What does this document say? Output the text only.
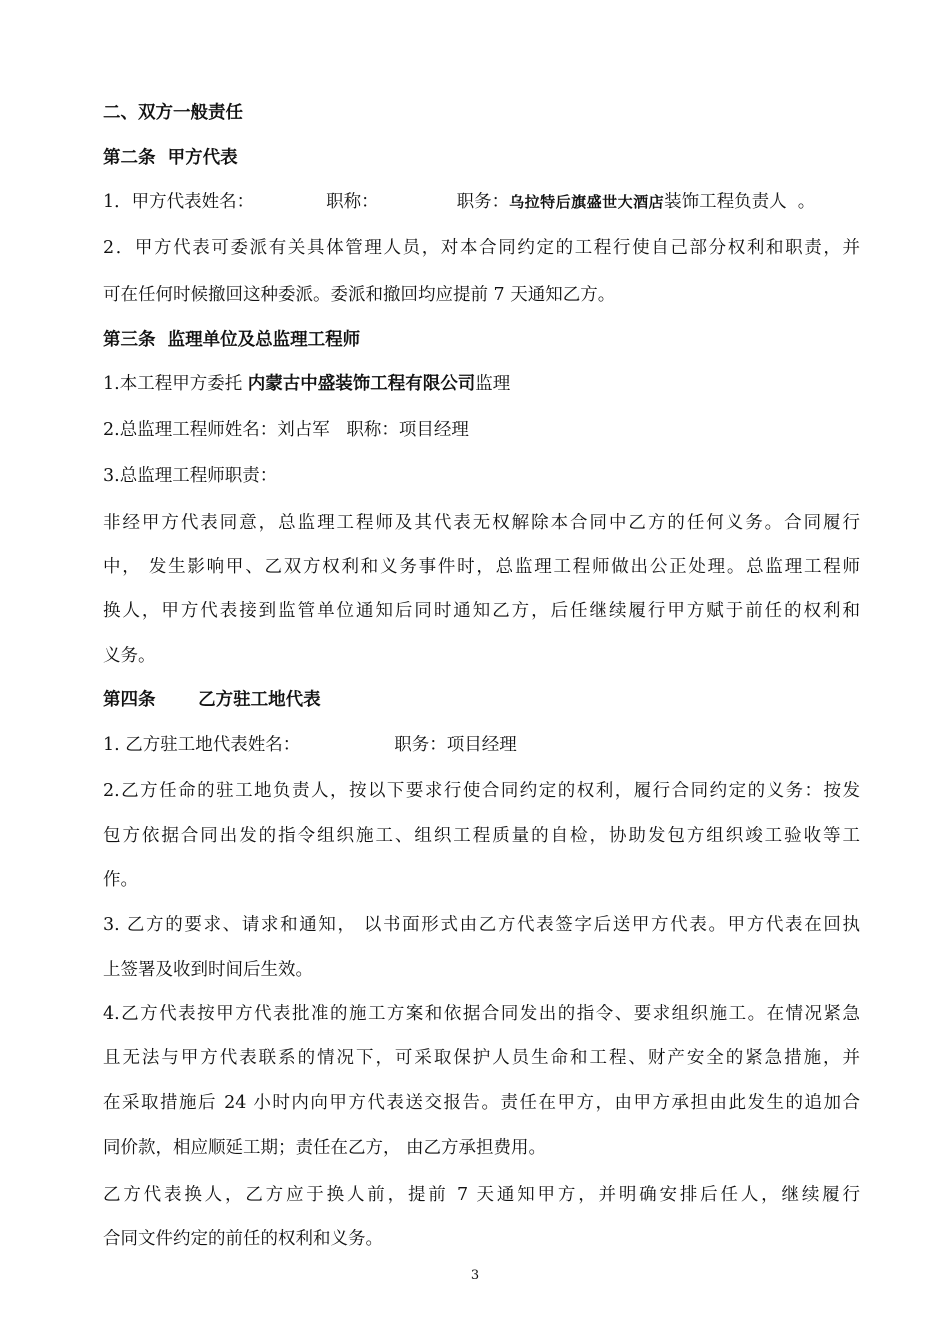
二、双方一般责任

第二条  甲方代表

1．甲方代表姓名：	职称：	职务：乌拉特后旗盛世大酒店装饰工程负责人  。

2．甲方代表可委派有关具体管理人员，对本合同约定的工程行使自己部分权利和职责，并

可在任何时候撤回这种委派。委派和撤回均应提前 7 天通知乙方。

第三条  监理单位及总监理工程师

1.本工程甲方委托 内蒙古中盛装饰工程有限公司监理

2.总监理工程师姓名：刘占军   职称：项目经理

3.总监理工程师职责：

非经甲方代表同意，总监理工程师及其代表无权解除本合同中乙方的任何义务。合同履行

中， 发生影响甲、乙双方权利和义务事件时，总监理工程师做出公正处理。总监理工程师

换人，甲方代表接到监管单位通知后同时通知乙方，后任继续履行甲方赋于前任的权利和

义务。

第四条       乙方驻工地代表

1. 乙方驻工地代表姓名：	职务：项目经理

2.乙方任命的驻工地负责人，按以下要求行使合同约定的权利，履行合同约定的义务：按发

包方依据合同出发的指令组织施工、组织工程质量的自检，协助发包方组织竣工验收等工

作。

3. 乙方的要求、请求和通知， 以书面形式由乙方代表签字后送甲方代表。甲方代表在回执

上签署及收到时间后生效。

4.乙方代表按甲方代表批准的施工方案和依据合同发出的指令、要求组织施工。在情况紧急

且无法与甲方代表联系的情况下，可采取保护人员生命和工程、财产安全的紧急措施，并

在采取措施后 24 小时内向甲方代表送交报告。责任在甲方，由甲方承担由此发生的追加合

同价款，相应顺延工期；责任在乙方， 由乙方承担费用。

乙方代表换人，乙方应于换人前，提前 7 天通知甲方，并明确安排后任人，继续履行

合同文件约定的前任的权利和义务。

3
